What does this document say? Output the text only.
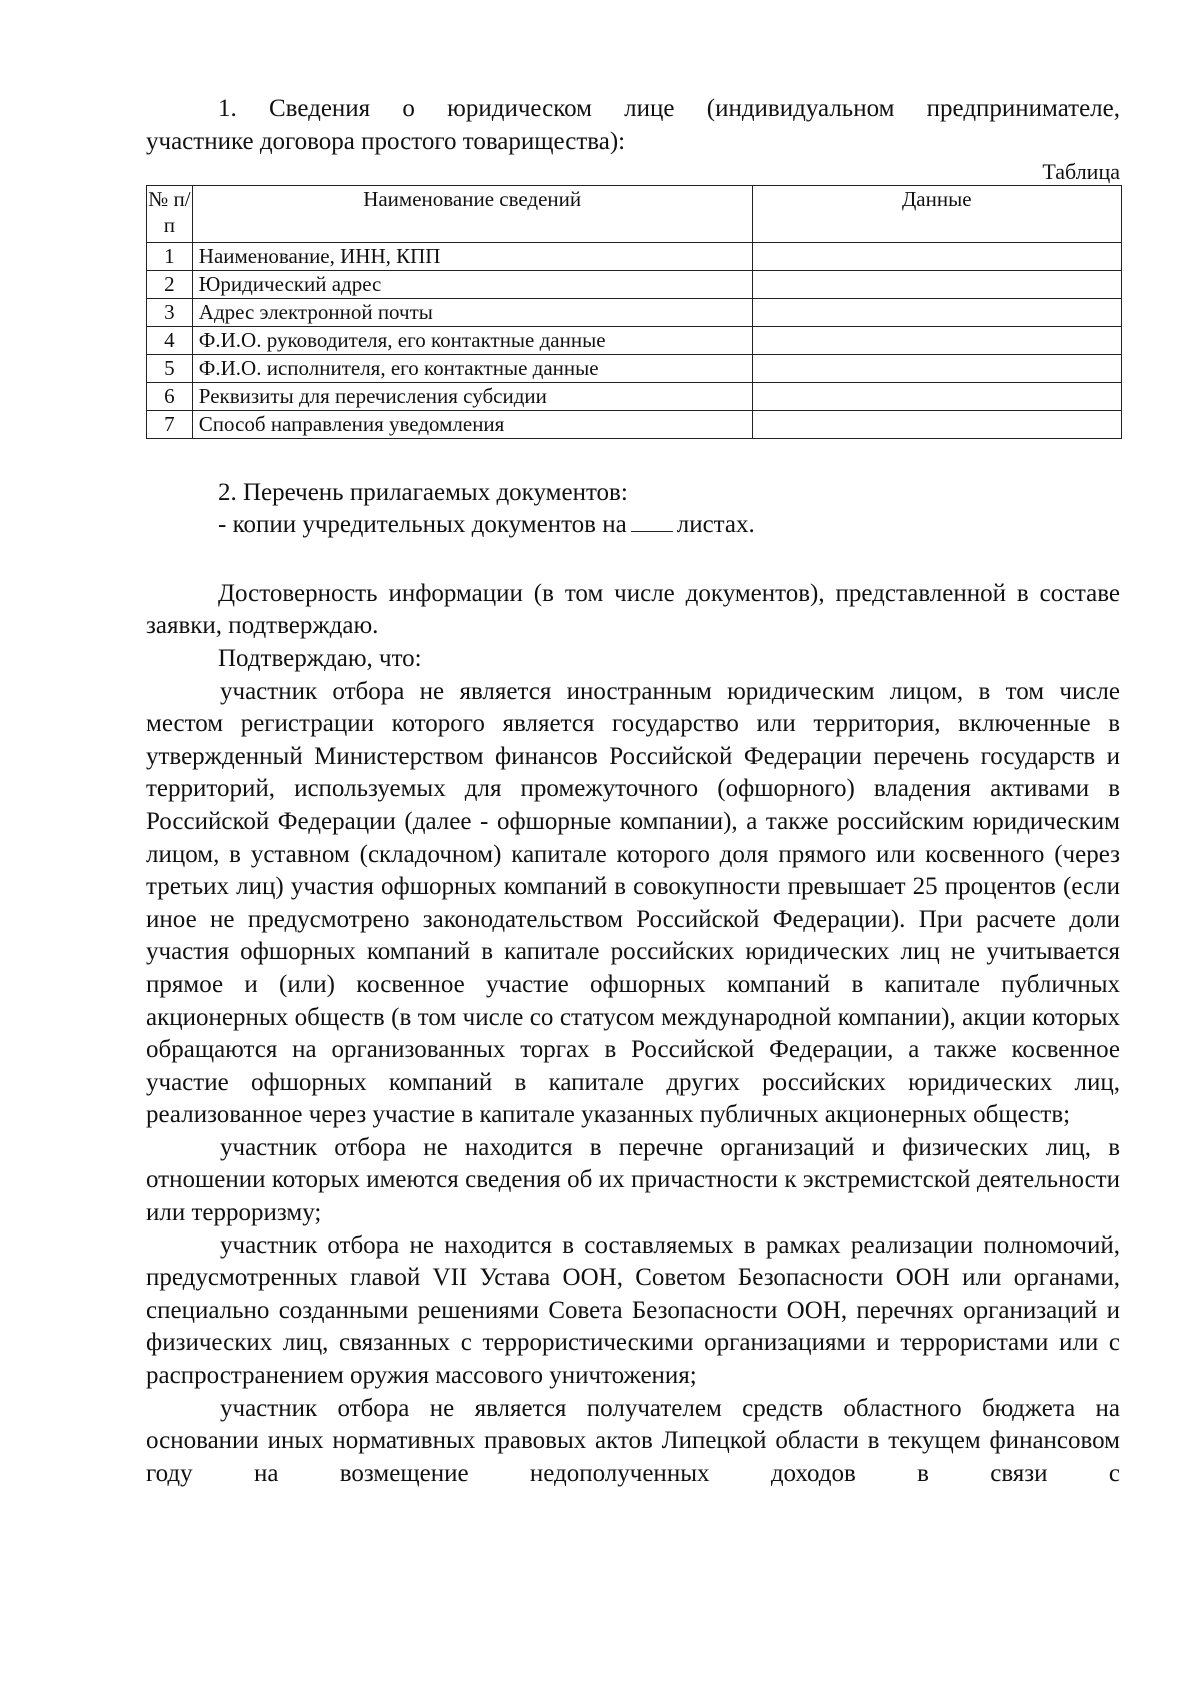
1. Сведения о юридическом лице (индивидуальном предпринимателе,

участнике договора простого товарищества):

Таблица

№ п/п	Наименование сведений	Данные
1	Наименование, ИНН, КПП	
2	Юридический адрес	
3	Адрес электронной почты	
4	Ф.И.О. руководителя, его контактные данные	
5	Ф.И.О. исполнителя, его контактные данные	
6	Реквизиты для перечисления субсидии	
7	Способ направления уведомления	

2. Перечень прилагаемых документов:

- копии учредительных документов на листах.

Достоверность информации (в том числе документов), представленной в составе заявки, подтверждаю.

Подтверждаю, что:

участник отбора не является иностранным юридическим лицом, в том числе местом регистрации которого является государство или территория, включенные в утвержденный Министерством финансов Российской Федерации перечень государств и территорий, используемых для промежуточного (офшорного) владения активами в Российской Федерации (далее - офшорные компании), а также российским юридическим лицом, в уставном (складочном) капитале которого доля прямого или косвенного (через третьих лиц) участия офшорных компаний в совокупности превышает 25 процентов (если иное не предусмотрено законодательством Российской Федерации). При расчете доли участия офшорных компаний в капитале российских юридических лиц не учитывается прямое и (или) косвенное участие офшорных компаний в капитале публичных акционерных обществ (в том числе со статусом международной компании), акции которых обращаются на организованных торгах в Российской Федерации, а также косвенное участие офшорных компаний в капитале других российских юридических лиц, реализованное через участие в капитале указанных публичных акционерных обществ;

участник отбора не находится в перечне организаций и физических лиц, в отношении которых имеются сведения об их причастности к экстремистской деятельности или терроризму;

участник отбора не находится в составляемых в рамках реализации полномочий, предусмотренных главой VII Устава ООН, Советом Безопасности ООН или органами, специально созданными решениями Совета Безопасности ООН, перечнях организаций и физических лиц, связанных с террористическими организациями и террористами или с распространением оружия массового уничтожения;

участник отбора не является получателем средств областного бюджета на основании иных нормативных правовых актов Липецкой области в текущем финансовом году на возмещение недополученных доходов в связи с
